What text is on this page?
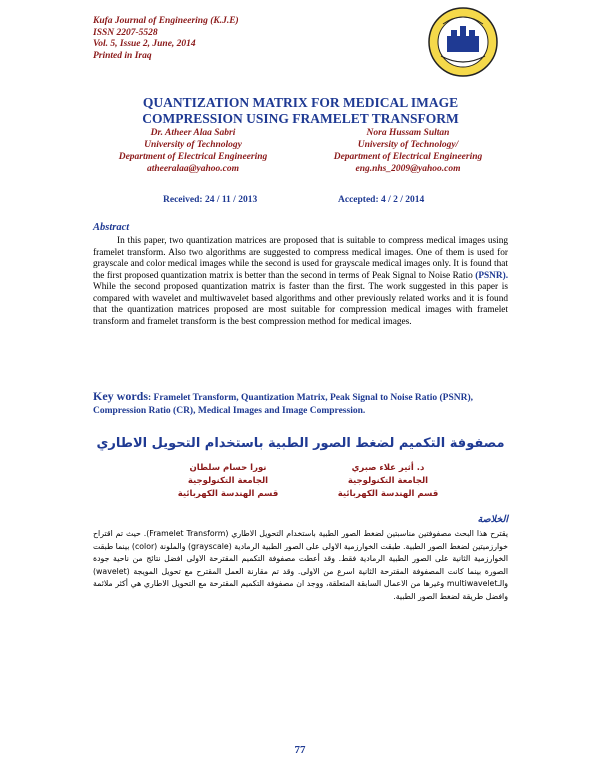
Kufa Journal of Engineering (K.J.E)
ISSN 2207-5528
Vol. 5, Issue 2, June, 2014
Printed in Iraq
QUANTIZATION MATRIX FOR MEDICAL IMAGE
COMPRESSION USING FRAMELET TRANSFORM
Dr. Atheer Alaa Sabri
University of Technology
Department of Electrical Engineering
atheeralaa@yahoo.com
Nora Hussam Sultan
University of Technology/
Department of Electrical Engineering
eng.nhs_2009@yahoo.com
Received: 24 / 11 / 2013	Accepted: 4 / 2 / 2014
Abstract

In this paper, two quantization matrices are proposed that is suitable to compress medical images using framelet transform. Also two algorithms are suggested to compress medical images. One of them is used for grayscale and color medical images while the second is used for grayscale medical images only. It is found that the first proposed quantization matrix is better than the second in terms of Peak Signal to Noise Ratio (PSNR). While the second proposed quantization matrix is faster than the first. The work suggested in this paper is compared with wavelet and multiwavelet based algorithms and other previously related works and it is found that the quantization matrices proposed are most suitable for compression medical images with framelet transform and framelet transform is the best compression method for medical images.

Key words: Framelet Transform, Quantization Matrix, Peak Signal to Noise Ratio (PSNR), Compression Ratio (CR), Medical Images and Image Compression.
مصفوفة التكميم لضغط الصور الطبية باستخدام التحويل الاطاري
د. أثير علاء صبري
الجامعة التكنولوجية
قسم الهندسة الكهربائية
نورا حسام سلطان
الجامعة التكنولوجية
قسم الهندسة الكهربائية
الخلاصة

يقترح هذا البحث مصفوفتين مناسبتين لضغط الصور الطبية باستخدام التحويل الاطاري (Framelet Transform). حيث تم اقتراح خوارزميتين لضغط الصور الطبية. طبقت الخوارزمية الاولى على الصور الطبية الرمادية (grayscale) والملونة (color) بينما طبقت الخوارزمية الثانية على الصور الطبية الرمادية فقط. وقد أعطت مصفوفة التكميم المقترحة الاولى افضل نتائج من ناحية جودة الصورة بينما كانت المصفوفة المقترحة الثانية اسرع من الاولى. وقد تم مقارنة العمل المقترح مع تحويل المويجة (wavelet) والـmultiwavelet وغيرها من الاعمال السابقة المتعلقة، ووجد ان مصفوفة التكميم المقترحة مع التحويل الاطاري هي أكثر ملائمة وافضل طريقة لضغط الصور الطبية.

77
